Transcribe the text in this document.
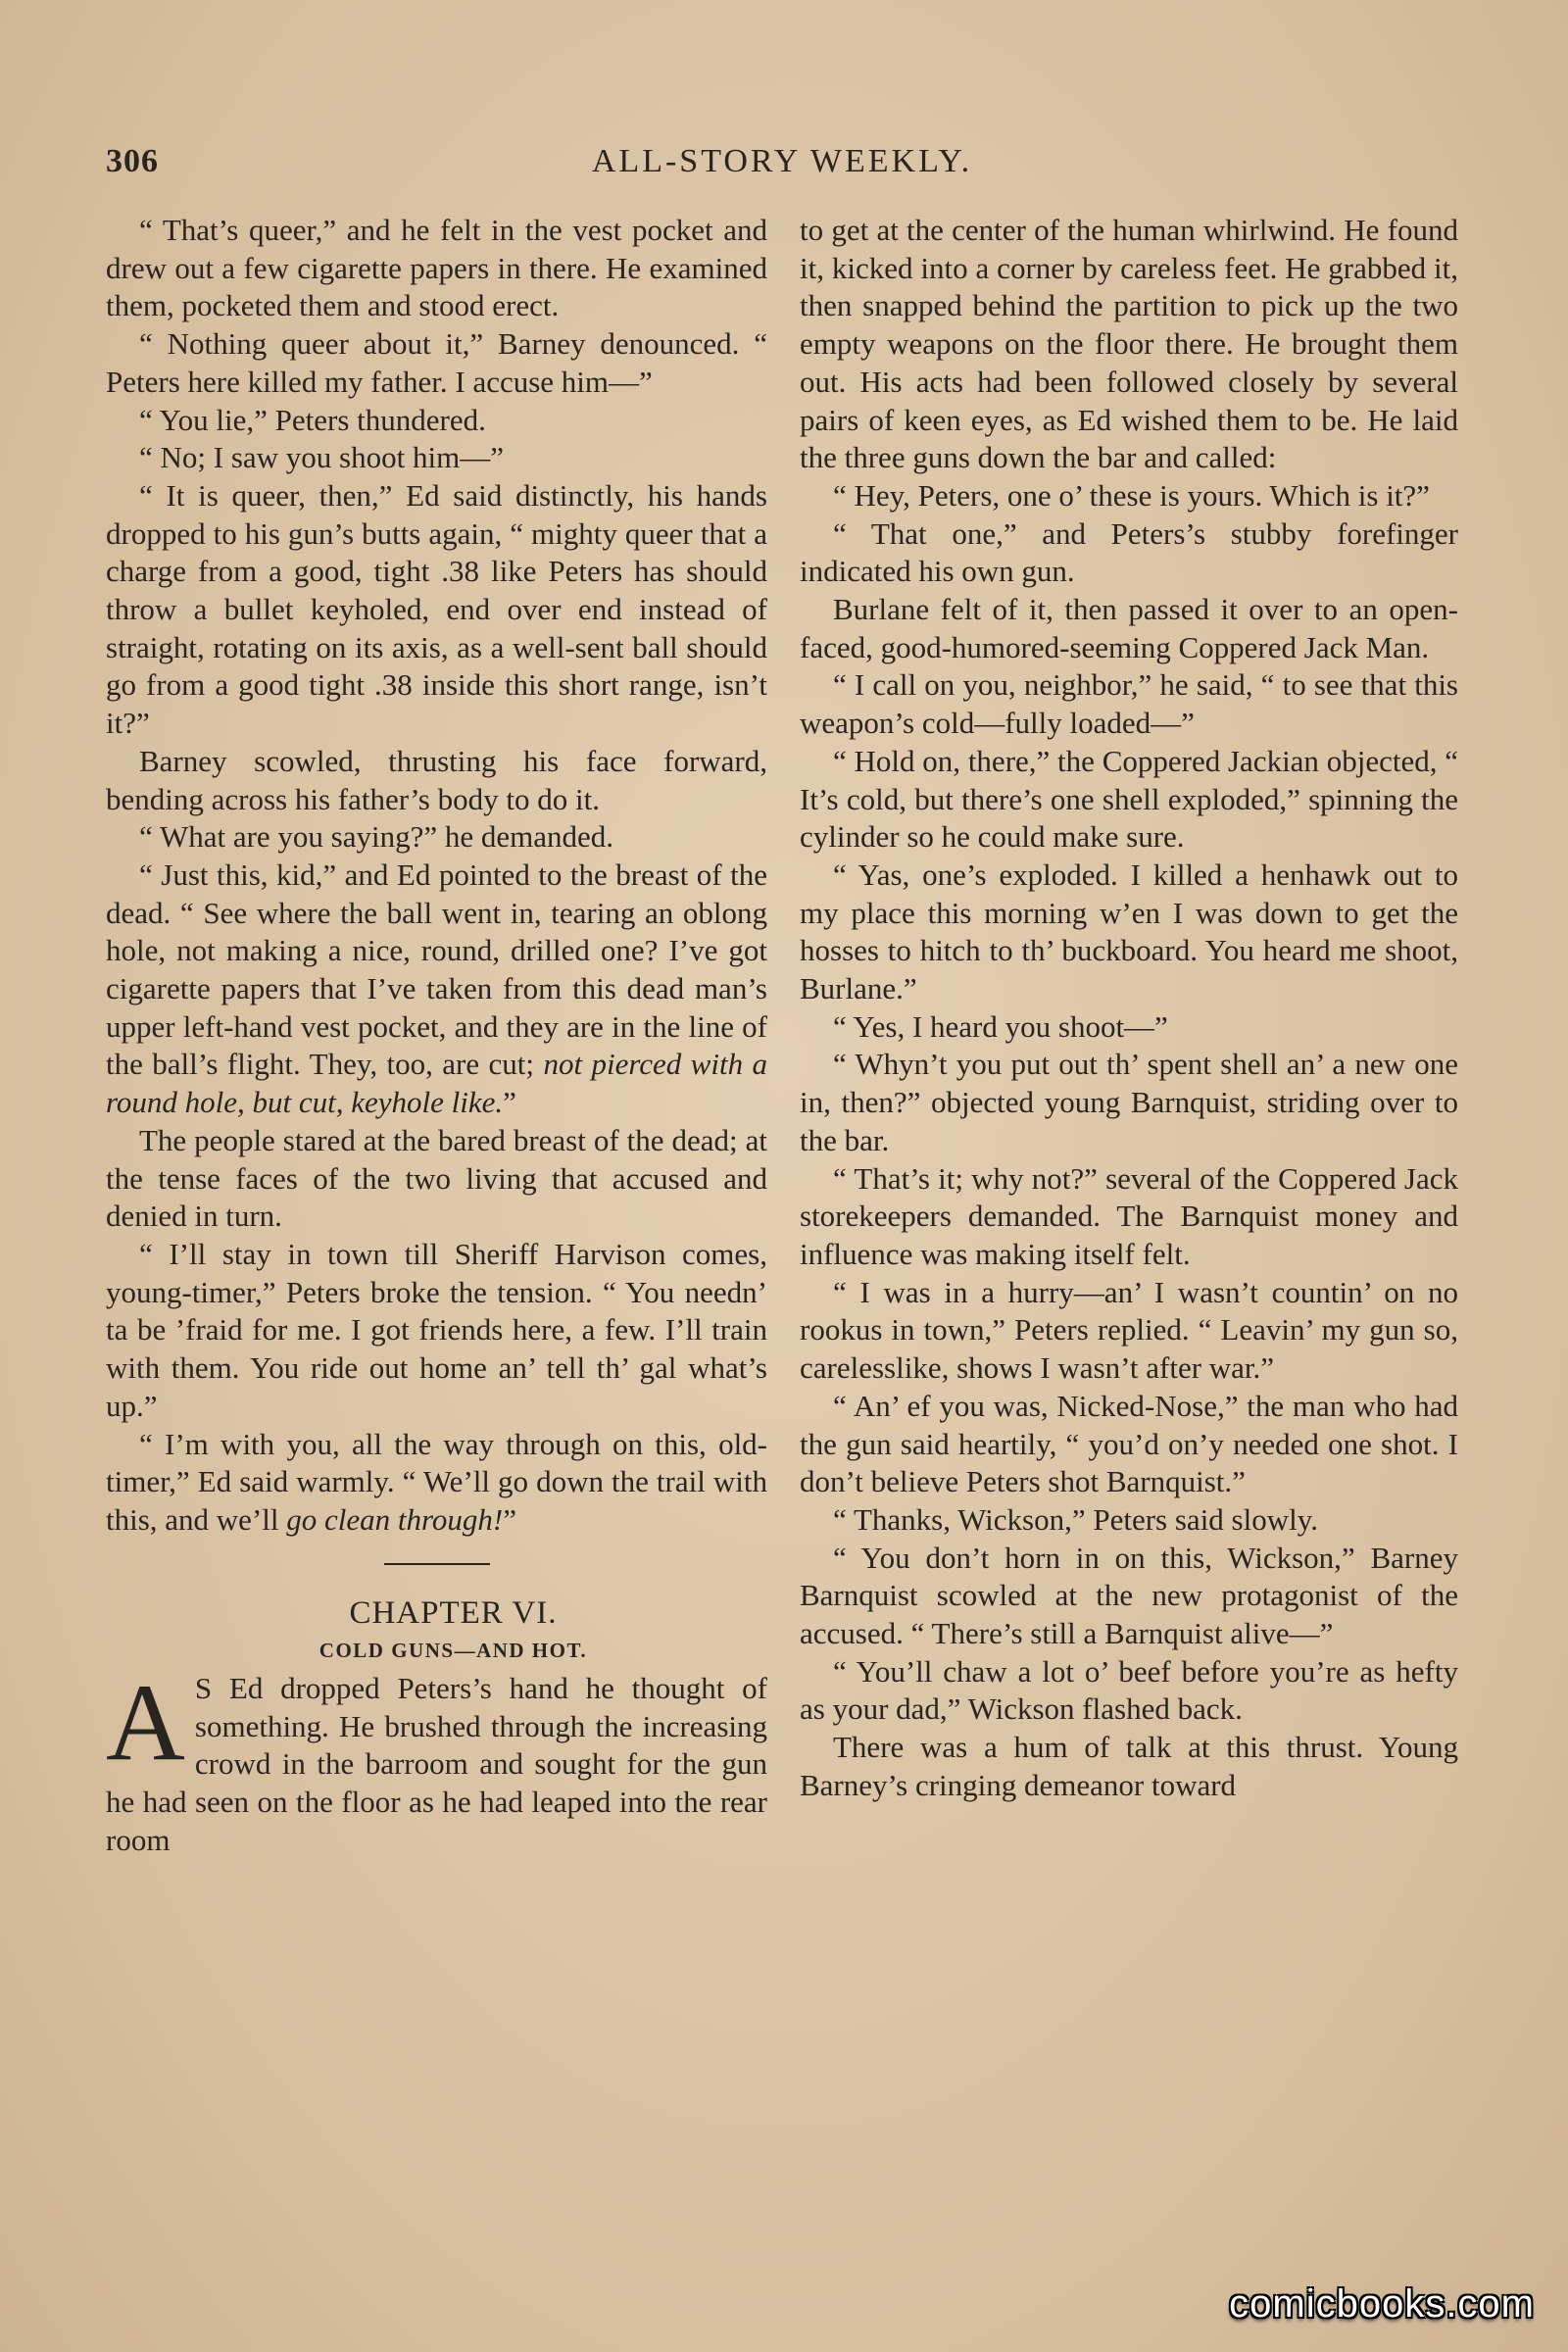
306	ALL-STORY WEEKLY.

“ That’s queer,” and he felt in the vest pocket and drew out a few cigarette papers in there. He examined them, pocketed them and stood erect.

“ Nothing queer about it,” Barney denounced. “ Peters here killed my father. I accuse him—”

“ You lie,” Peters thundered.

“ No; I saw you shoot him—”

“ It is queer, then,” Ed said distinctly, his hands dropped to his gun’s butts again, “ mighty queer that a charge from a good, tight .38 like Peters has should throw a bullet keyholed, end over end instead of straight, rotating on its axis, as a well-sent ball should go from a good tight .38 inside this short range, isn’t it?”

Barney scowled, thrusting his face forward, bending across his father’s body to do it.

“ What are you saying?” he demanded.

“ Just this, kid,” and Ed pointed to the breast of the dead. “ See where the ball went in, tearing an oblong hole, not making a nice, round, drilled one? I’ve got cigarette papers that I’ve taken from this dead man’s upper left-hand vest pocket, and they are in the line of the ball’s flight. They, too, are cut; not pierced with a round hole, but cut, keyhole like.”

The people stared at the bared breast of the dead; at the tense faces of the two living that accused and denied in turn.

“ I’ll stay in town till Sheriff Harvison comes, young-timer,” Peters broke the tension. “ You needn’ ta be ’fraid for me. I got friends here, a few. I’ll train with them. You ride out home an’ tell th’ gal what’s up.”

“ I’m with you, all the way through on this, old-timer,” Ed said warmly. “ We’ll go down the trail with this, and we’ll go clean through!”

CHAPTER VI.

COLD GUNS—AND HOT.

A S Ed dropped Peters’s hand he thought of something. He brushed through the increasing crowd in the barroom and sought for the gun he had seen on the floor as he had leaped into the rear room

to get at the center of the human whirlwind. He found it, kicked into a corner by careless feet. He grabbed it, then snapped behind the partition to pick up the two empty weapons on the floor there. He brought them out. His acts had been followed closely by several pairs of keen eyes, as Ed wished them to be. He laid the three guns down the bar and called:

“ Hey, Peters, one o’ these is yours. Which is it?”

“ That one,” and Peters’s stubby forefinger indicated his own gun.

Burlane felt of it, then passed it over to an open-faced, good-humored-seeming Coppered Jack Man.

“ I call on you, neighbor,” he said, “ to see that this weapon’s cold—fully loaded—”

“ Hold on, there,” the Coppered Jackian objected, “ It’s cold, but there’s one shell exploded,” spinning the cylinder so he could make sure.

“ Yas, one’s exploded. I killed a henhawk out to my place this morning w’en I was down to get the hosses to hitch to th’ buckboard. You heard me shoot, Burlane.”

“ Yes, I heard you shoot—”

“ Whyn’t you put out th’ spent shell an’ a new one in, then?” objected young Barnquist, striding over to the bar.

“ That’s it; why not?” several of the Coppered Jack storekeepers demanded. The Barnquist money and influence was making itself felt.

“ I was in a hurry—an’ I wasn’t countin’ on no rookus in town,” Peters replied. “ Leavin’ my gun so, carelesslike, shows I wasn’t after war.”

“ An’ ef you was, Nicked-Nose,” the man who had the gun said heartily, “ you’d on’y needed one shot. I don’t believe Peters shot Barnquist.”

“ Thanks, Wickson,” Peters said slowly.

“ You don’t horn in on this, Wickson,” Barney Barnquist scowled at the new protagonist of the accused. “ There’s still a Barnquist alive—”

“ You’ll chaw a lot o’ beef before you’re as hefty as your dad,” Wickson flashed back.

There was a hum of talk at this thrust. Young Barney’s cringing demeanor toward

comicbooks.com
